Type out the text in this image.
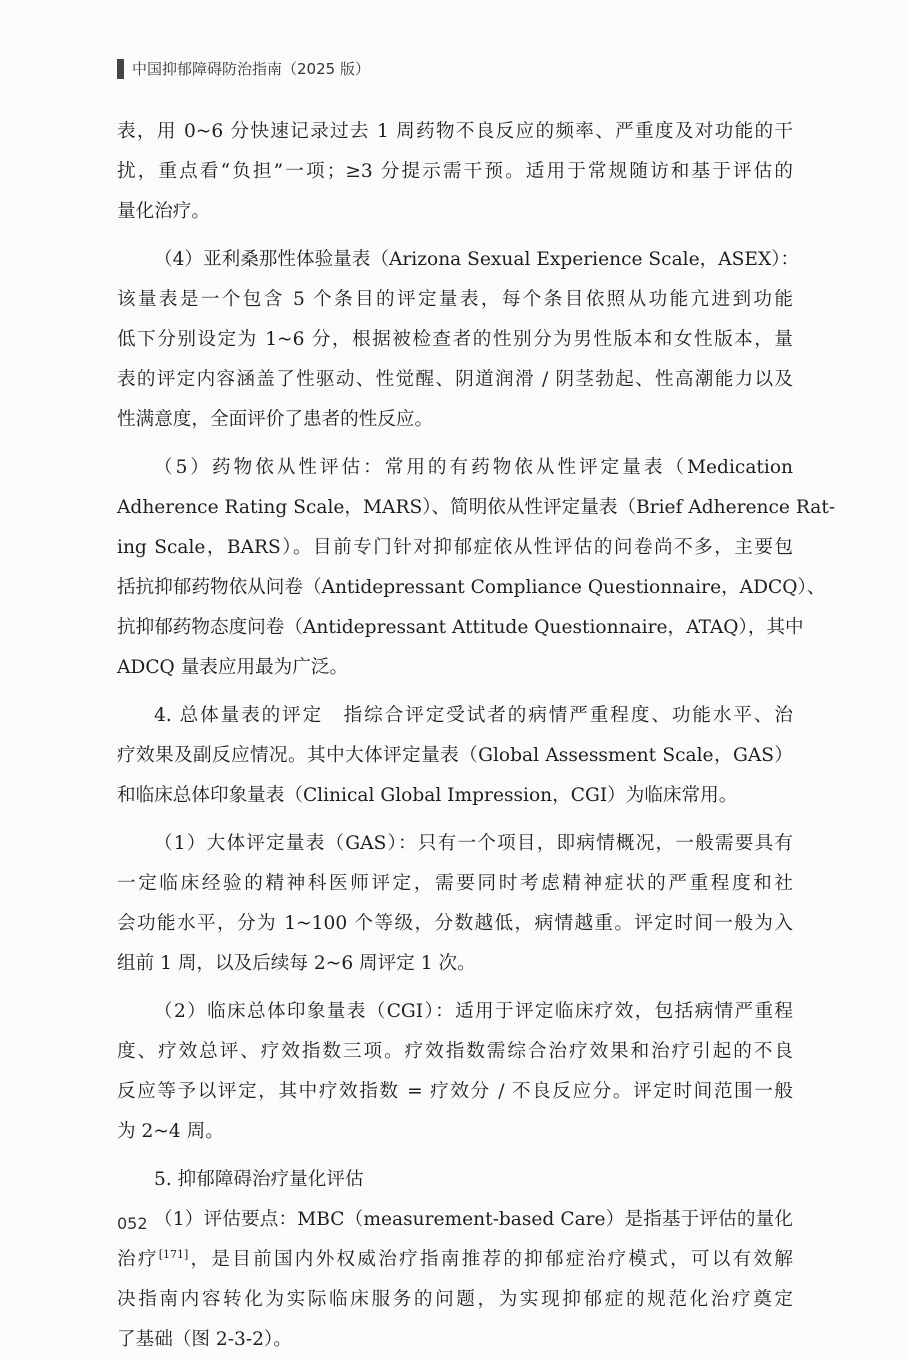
中国抑郁障碍防治指南（2025 版）
表，用 0~6 分快速记录过去 1 周药物不良反应的频率、严重度及对功能的干
扰，重点看“负担”一项；≥3 分提示需干预。适用于常规随访和基于评估的
量化治疗。
（4）亚利桑那性体验量表（Arizona Sexual Experience Scale，ASEX）：
该量表是一个包含 5 个条目的评定量表，每个条目依照从功能亢进到功能
低下分别设定为 1~6 分，根据被检查者的性别分为男性版本和女性版本，量
表的评定内容涵盖了性驱动、性觉醒、阴道润滑 / 阴茎勃起、性高潮能力以及
性满意度，全面评价了患者的性反应。
（5）药物依从性评估：常用的有药物依从性评定量表（Medication
Adherence Rating Scale，MARS）、简明依从性评定量表（Brief Adherence Rat-
ing Scale，BARS）。目前专门针对抑郁症依从性评估的问卷尚不多，主要包
括抗抑郁药物依从问卷（Antidepressant Compliance Questionnaire，ADCQ）、
抗抑郁药物态度问卷（Antidepressant Attitude Questionnaire，ATAQ），其中
ADCQ 量表应用最为广泛。
4. 总体量表的评定　指综合评定受试者的病情严重程度、功能水平、治
疗效果及副反应情况。其中大体评定量表（Global Assessment Scale，GAS）
和临床总体印象量表（Clinical Global Impression，CGI）为临床常用。
（1）大体评定量表（GAS）：只有一个项目，即病情概况，一般需要具有
一定临床经验的精神科医师评定，需要同时考虑精神症状的严重程度和社
会功能水平，分为 1~100 个等级，分数越低，病情越重。评定时间一般为入
组前 1 周，以及后续每 2~6 周评定 1 次。
（2）临床总体印象量表（CGI）：适用于评定临床疗效，包括病情严重程
度、疗效总评、疗效指数三项。疗效指数需综合治疗效果和治疗引起的不良
反应等予以评定，其中疗效指数 = 疗效分 / 不良反应分。评定时间范围一般
为 2~4 周。
5. 抑郁障碍治疗量化评估
（1）评估要点：MBC（measurement-based Care）是指基于评估的量化
治疗[171]，是目前国内外权威治疗指南推荐的抑郁症治疗模式，可以有效解
决指南内容转化为实际临床服务的问题，为实现抑郁症的规范化治疗奠定
了基础（图 2-3-2）。
052
